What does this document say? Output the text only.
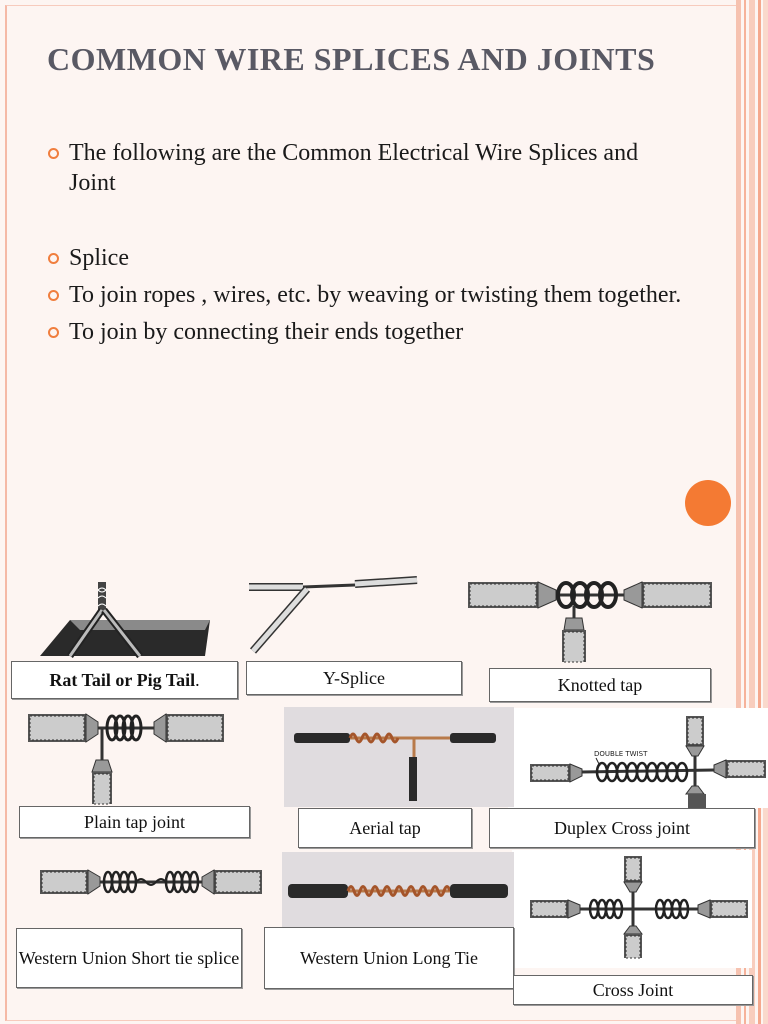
COMMON WIRE SPLICES AND JOINTS
The following are the Common Electrical Wire Splices and Joint
Splice
To join ropes , wires, etc. by weaving or twisting them together.
To join by connecting their ends together
DOUBLE TWIST
Rat Tail or Pig Tail.	Y-Splice	Knotted tap
Plain tap joint	Aerial tap	Duplex Cross joint
Western Union Short tie splice	Western Union Long Tie
Cross Joint
